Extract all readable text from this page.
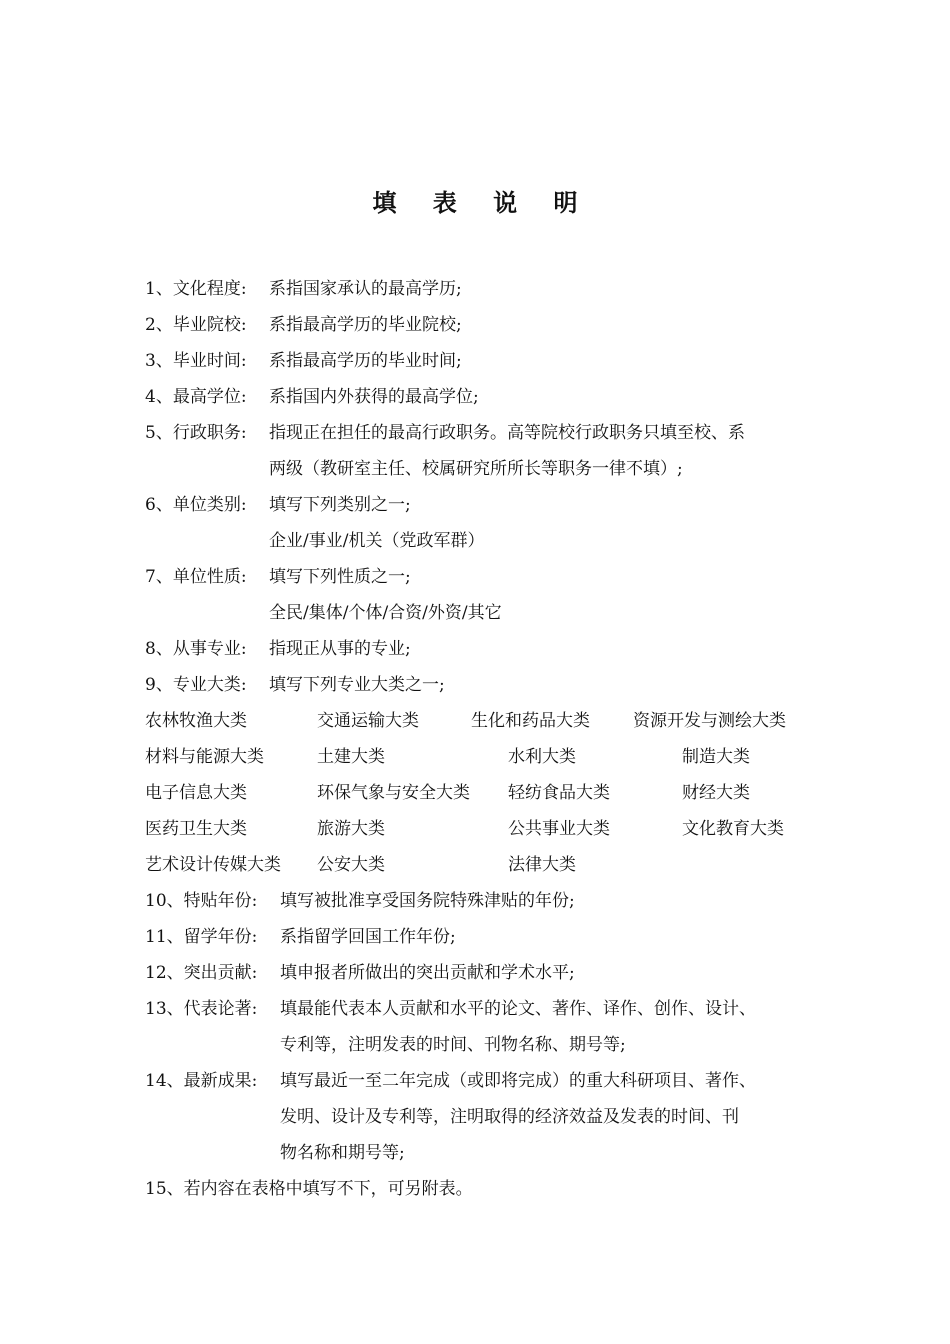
填 表 说 明
1、文化程度: 系指国家承认的最高学历;
2、毕业院校: 系指最高学历的毕业院校;
3、毕业时间: 系指最高学历的毕业时间;
4、最高学位: 系指国内外获得的最高学位;
5、行政职务: 指现正在担任的最高行政职务。高等院校行政职务只填至校、系
两级（教研室主任、校属研究所所长等职务一律不填）;
6、单位类别: 填写下列类别之一;
企业/事业/机关（党政军群）
7、单位性质: 填写下列性质之一;
全民/集体/个体/合资/外资/其它
8、从事专业: 指现正从事的专业;
9、专业大类: 填写下列专业大类之一;
农林牧渔大类	交通运输大类	生化和药品大类	资源开发与测绘大类
材料与能源大类	土建大类	水利大类	制造大类
电子信息大类	环保气象与安全大类 轻纺食品大类	财经大类
医药卫生大类	旅游大类	公共事业大类	文化教育大类
艺术设计传媒大类 公安大类	法律大类
10、特贴年份: 填写被批准享受国务院特殊津贴的年份;
11、留学年份: 系指留学回国工作年份;
12、突出贡献: 填申报者所做出的突出贡献和学术水平;
13、代表论著: 填最能代表本人贡献和水平的论文、著作、译作、创作、设计、
专利等，注明发表的时间、刊物名称、期号等;
14、最新成果: 填写最近一至二年完成（或即将完成）的重大科研项目、著作、
发明、设计及专利等，注明取得的经济效益及发表的时间、刊
物名称和期号等;
15、若内容在表格中填写不下，可另附表。
